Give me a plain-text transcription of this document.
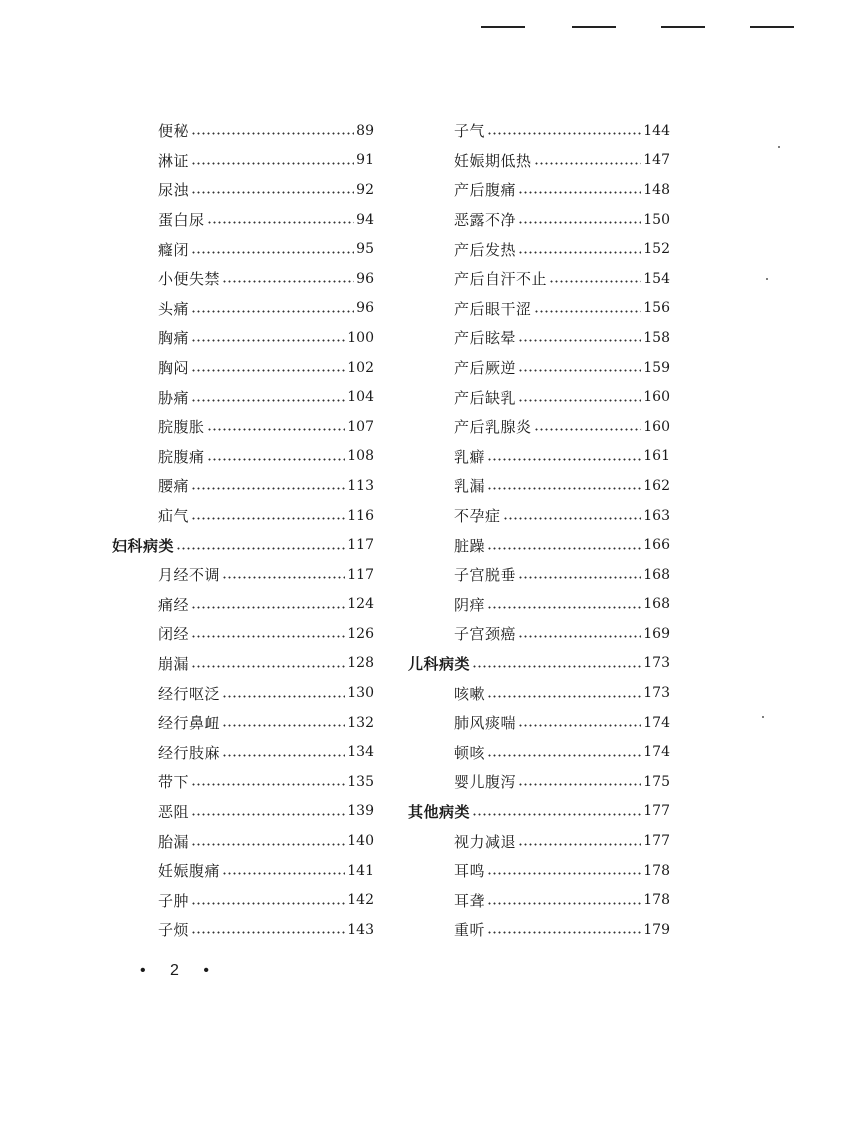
便秘	89
淋证	91
尿浊	92
蛋白尿	94
癃闭	95
小便失禁	96
头痛	96
胸痛	100
胸闷	102
胁痛	104
脘腹胀	107
脘腹痛	108
腰痛	113
疝气	116
妇科病类	117
月经不调	117
痛经	124
闭经	126
崩漏	128
经行呕泛	130
经行鼻衄	132
经行肢麻	134
带下	135
恶阻	139
胎漏	140
妊娠腹痛	141
子肿	142
子烦	143
子气	144
妊娠期低热	147
产后腹痛	148
恶露不净	150
产后发热	152
产后自汗不止	154
产后眼干涩	156
产后眩晕	158
产后厥逆	159
产后缺乳	160
产后乳腺炎	160
乳癖	161
乳漏	162
不孕症	163
脏躁	166
子宫脱垂	168
阴痒	168
子宫颈癌	169
儿科病类	173
咳嗽	173
肺风痰喘	174
顿咳	174
婴儿腹泻	175
其他病类	177
视力减退	177
耳鸣	178
耳聋	178
重听	179
• 2 •
